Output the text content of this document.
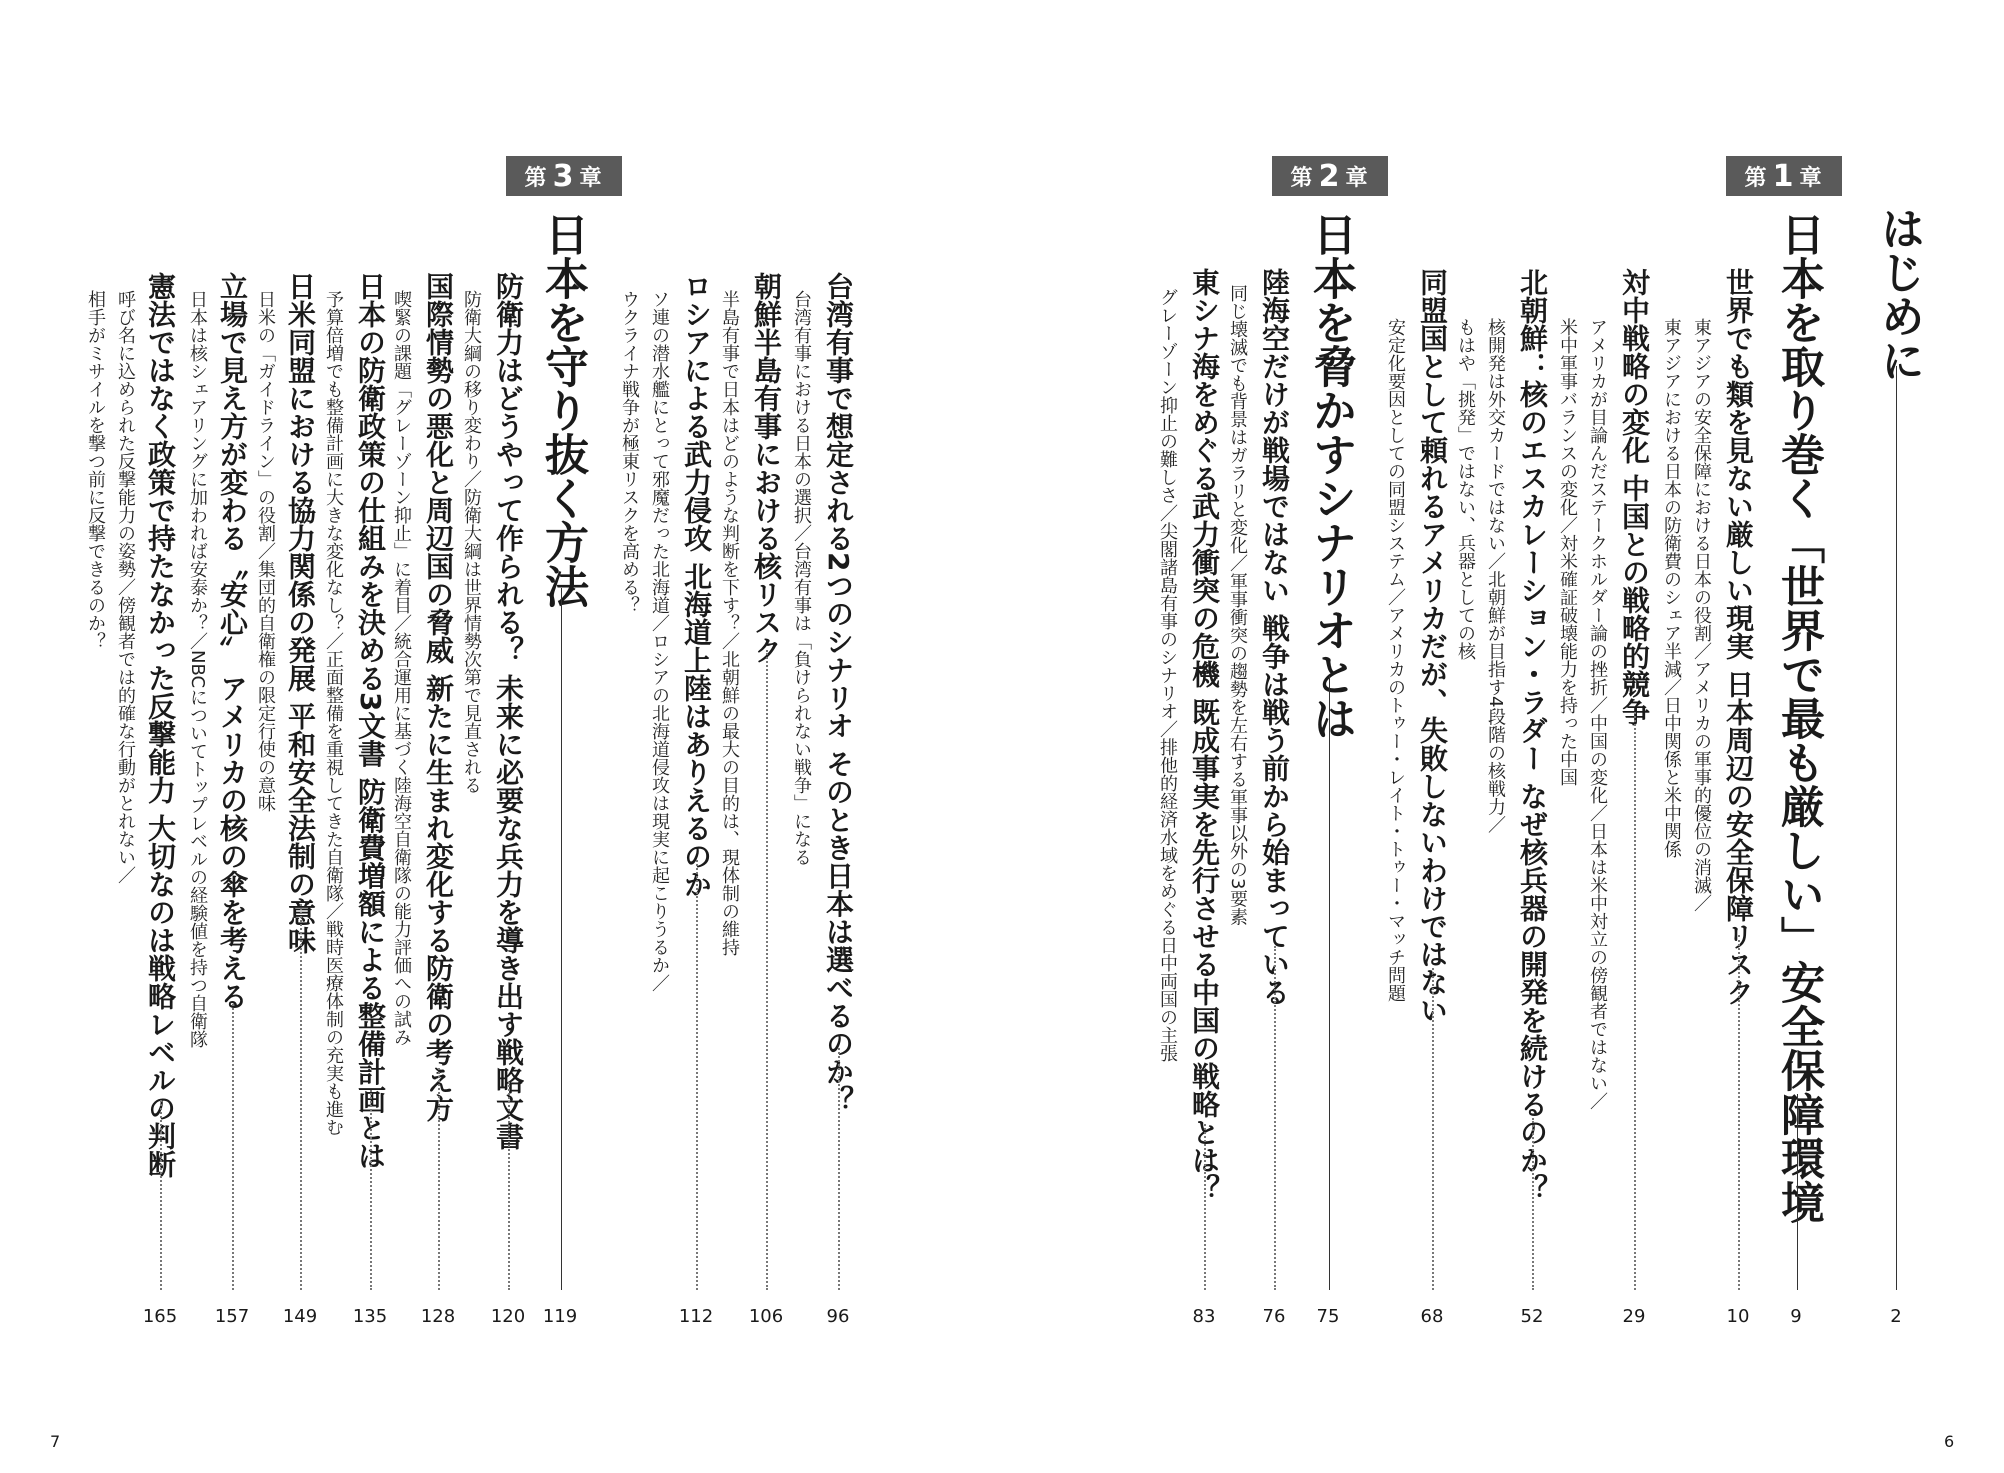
第 1 章
第 2 章
第 3 章
はじめに
日本を取り巻く「世界で最も厳しい」安全保障環境
世界でも類を見ない厳しい現実 日本周辺の安全保障リスク
東アジアの安全保障における日本の役割／アメリカの軍事的優位の消滅／
東アジアにおける日本の防衛費のシェア半減／日中関係と米中関係
対中戦略の変化 中国との戦略的競争
アメリカが目論んだステークホルダー論の挫折／中国の変化／日本は米中対立の傍観者ではない／
米中軍事バランスの変化／対米確証破壊能力を持った中国
北朝鮮：核のエスカレーション・ラダー なぜ核兵器の開発を続けるのか？
核開発は外交カードではない／北朝鮮が目指す4段階の核戦力／
もはや「挑発」ではない、兵器としての核
同盟国として頼れるアメリカだが、失敗しないわけではない
安定化要因としての同盟システム／アメリカのトゥー・レイト・トゥー・マッチ問題
日本を脅かすシナリオとは
陸海空だけが戦場ではない 戦争は戦う前から始まっている
同じ壊滅でも背景はガラリと変化／軍事衝突の趨勢を左右する軍事以外の3要素
東シナ海をめぐる武力衝突の危機 既成事実を先行させる中国の戦略とは？
グレーゾーン抑止の難しさ／尖閣諸島有事のシナリオ／排他的経済水域をめぐる日中両国の主張
台湾有事で想定される2つのシナリオ そのとき日本は選べるのか？
台湾有事における日本の選択／台湾有事は「負けられない戦争」になる
朝鮮半島有事における核リスク
半島有事で日本はどのような判断を下す？／北朝鮮の最大の目的は、現体制の維持
ロシアによる武力侵攻 北海道上陸はありえるのか
ソ連の潜水艦にとって邪魔だった北海道／ロシアの北海道侵攻は現実に起こりうるか／
ウクライナ戦争が極東リスクを高める？
日本を守り抜く方法
防衛力はどうやって作られる？ 未来に必要な兵力を導き出す戦略文書
防衛大綱の移り変わり／防衛大綱は世界情勢次第で見直される
国際情勢の悪化と周辺国の脅威 新たに生まれ変化する防衛の考え方
喫緊の課題「グレーゾーン抑止」に着目／統合運用に基づく陸海空自衛隊の能力評価への試み
日本の防衛政策の仕組みを決める3文書 防衛費増額による整備計画とは
予算倍増でも整備計画に大きな変化なし？／正面整備を重視してきた自衛隊／戦時医療体制の充実も進む
日米同盟における協力関係の発展 平和安全法制の意味
日米の「ガイドライン」の役割／集団的自衛権の限定行使の意味
立場で見え方が変わる〝安心〟 アメリカの核の傘を考える
日本は核シェアリングに加われば安泰か？／NBCについてトップレベルの経験値を持つ自衛隊
憲法ではなく政策で持たなかった反撃能力 大切なのは戦略レベルの判断
呼び名に込められた反撃能力の姿勢／傍観者では的確な行動がとれない／
相手がミサイルを撃つ前に反撃できるのか？
2
9
10
29
52
68
75
76
83
96
106
112
119
120
128
135
149
157
165
7	6
